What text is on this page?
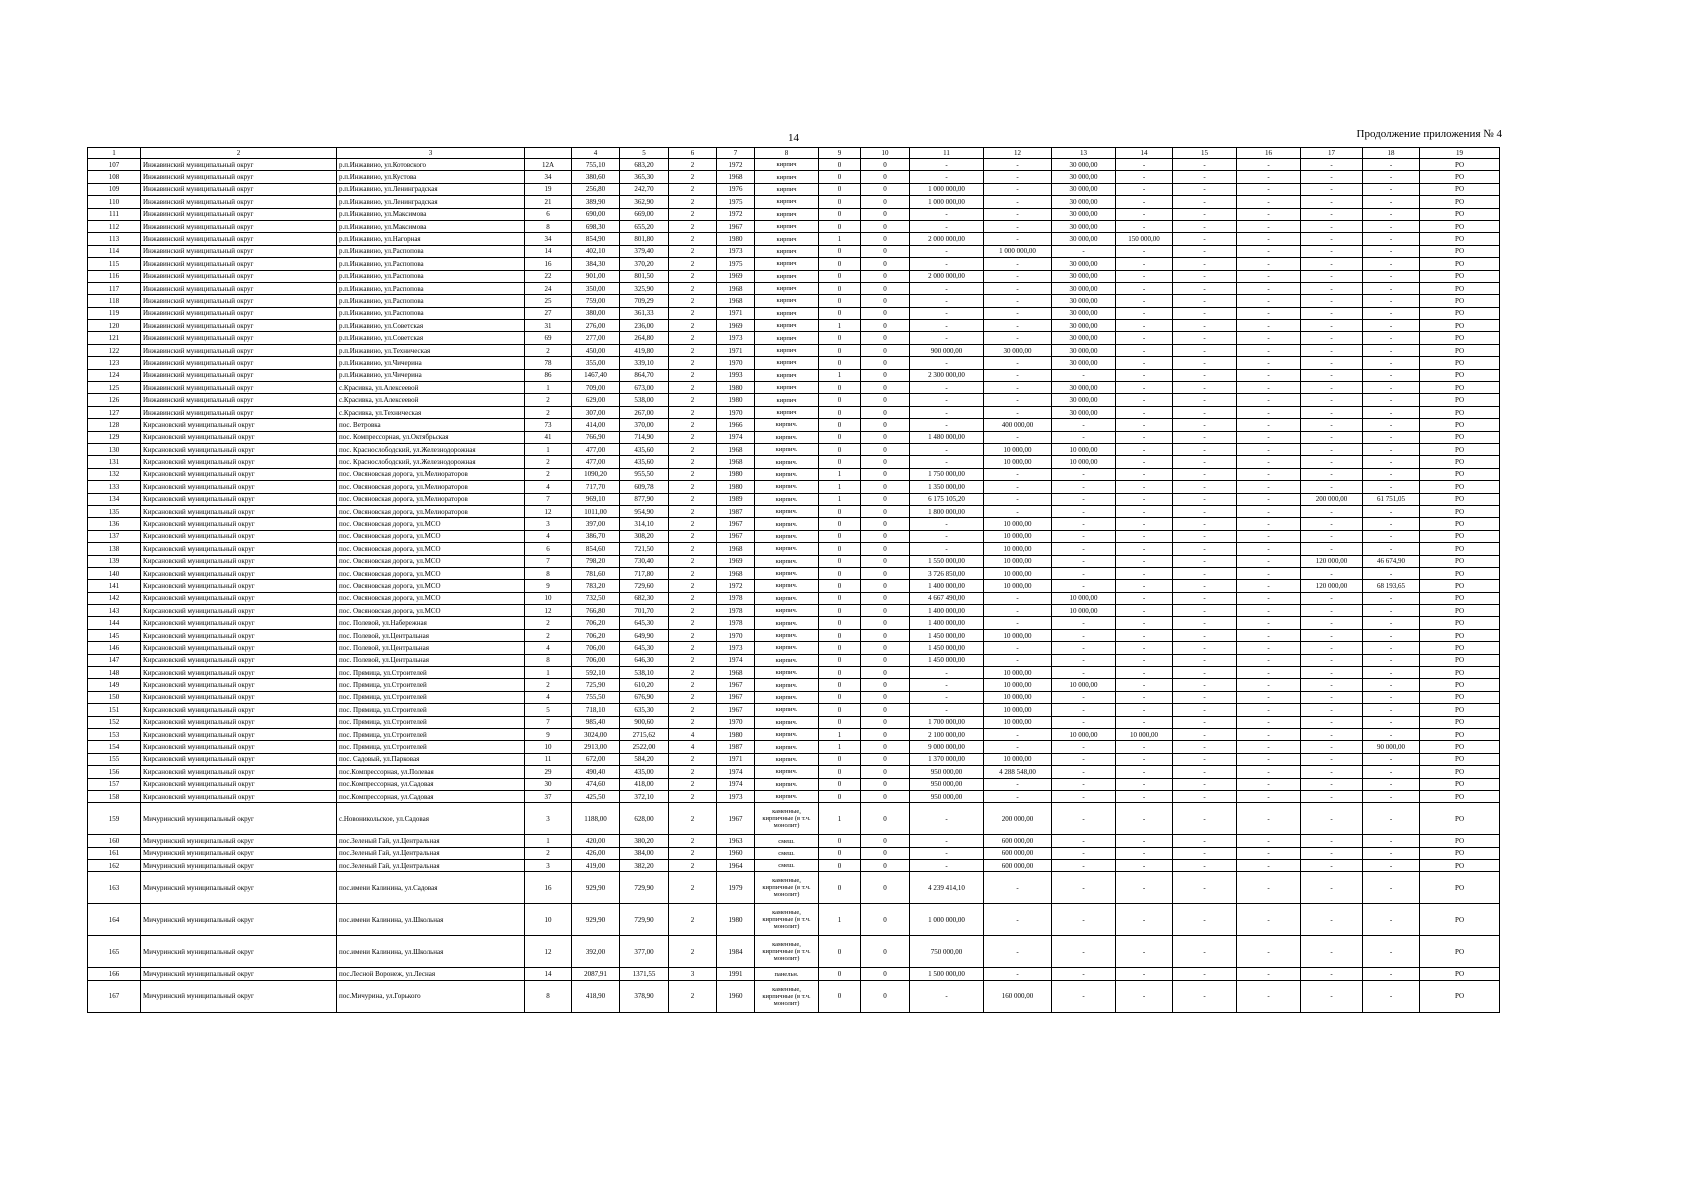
14	Продолжение приложения № 4
1	2	3		4	5	6	7	8	9	10	11	12	13	14	15	16	17	18	19
107	Инжавинский муниципальный округ	р.п.Инжавино, ул.Котовского	12А	755,10	683,20	2	1972	кирпич	0	0	-	-	30 000,00	-	-	-	-	-	РО
108	Инжавинский муниципальный округ	р.п.Инжавино, ул.Кустова	34	380,60	365,30	2	1968	кирпич	0	0	-	-	30 000,00	-	-	-	-	-	РО
109	Инжавинский муниципальный округ	р.п.Инжавино, ул.Ленинградская	19	256,80	242,70	2	1976	кирпич	0	0	1 000 000,00	-	30 000,00	-	-	-	-	-	РО
110	Инжавинский муниципальный округ	р.п.Инжавино, ул.Ленинградская	21	389,90	362,90	2	1975	кирпич	0	0	1 000 000,00	-	30 000,00	-	-	-	-	-	РО
111	Инжавинский муниципальный округ	р.п.Инжавино, ул.Максимова	6	690,00	669,00	2	1972	кирпич	0	0	-	-	30 000,00	-	-	-	-	-	РО
112	Инжавинский муниципальный округ	р.п.Инжавино, ул.Максимова	8	698,30	655,20	2	1967	кирпич	0	0	-	-	30 000,00	-	-	-	-	-	РО
113	Инжавинский муниципальный округ	р.п.Инжавино, ул.Нагорная	34	854,90	801,80	2	1980	кирпич	1	0	2 000 000,00	-	30 000,00	150 000,00	-	-	-	-	РО
114	Инжавинский муниципальный округ	р.п.Инжавино, ул.Распопова	14	402,10	379,40	2	1973	кирпич	0	0	-	1 000 000,00	-	-	-	-	-	-	РО
115	Инжавинский муниципальный округ	р.п.Инжавино, ул.Распопова	16	384,30	370,20	2	1975	кирпич	0	0	-	-	30 000,00	-	-	-	-	-	РО
116	Инжавинский муниципальный округ	р.п.Инжавино, ул.Распопова	22	901,00	801,50	2	1969	кирпич	0	0	2 000 000,00	-	30 000,00	-	-	-	-	-	РО
117	Инжавинский муниципальный округ	р.п.Инжавино, ул.Распопова	24	350,00	325,90	2	1968	кирпич	0	0	-	-	30 000,00	-	-	-	-	-	РО
118	Инжавинский муниципальный округ	р.п.Инжавино, ул.Распопова	25	759,00	709,29	2	1968	кирпич	0	0	-	-	30 000,00	-	-	-	-	-	РО
119	Инжавинский муниципальный округ	р.п.Инжавино, ул.Распопова	27	380,00	361,33	2	1971	кирпич	0	0	-	-	30 000,00	-	-	-	-	-	РО
120	Инжавинский муниципальный округ	р.п.Инжавино, ул.Советская	31	276,00	236,00	2	1969	кирпич	1	0	-	-	30 000,00	-	-	-	-	-	РО
121	Инжавинский муниципальный округ	р.п.Инжавино, ул.Советская	69	277,00	264,80	2	1973	кирпич	0	0	-	-	30 000,00	-	-	-	-	-	РО
122	Инжавинский муниципальный округ	р.п.Инжавино, ул.Техническая	2	450,00	419,80	2	1971	кирпич	0	0	900 000,00	30 000,00	30 000,00	-	-	-	-	-	РО
123	Инжавинский муниципальный округ	р.п.Инжавино, ул.Чичерина	78	355,00	339,10	2	1970	кирпич	0	0	-	-	30 000,00	-	-	-	-	-	РО
124	Инжавинский муниципальный округ	р.п.Инжавино, ул.Чичерина	86	1467,40	864,70	2	1993	кирпич	1	0	2 300 000,00	-	-	-	-	-	-	-	РО
125	Инжавинский муниципальный округ	с.Красивка, ул.Алексеевой	1	709,00	673,00	2	1980	кирпич	0	0	-	-	30 000,00	-	-	-	-	-	РО
126	Инжавинский муниципальный округ	с.Красивка, ул.Алексеевой	2	629,00	538,00	2	1980	кирпич	0	0	-	-	30 000,00	-	-	-	-	-	РО
127	Инжавинский муниципальный округ	с.Красивка, ул.Техническая	2	307,00	267,00	2	1970	кирпич	0	0	-	-	30 000,00	-	-	-	-	-	РО
128	Кирсановский муниципальный округ	пос. Ветровка	73	414,00	370,00	2	1966	кирпич.	0	0	-	400 000,00	-	-	-	-	-	-	РО
129	Кирсановский муниципальный округ	пос. Компрессорная, ул.Октябрьская	41	766,90	714,90	2	1974	кирпич.	0	0	1 480 000,00	-	-	-	-	-	-	-	РО
130	Кирсановский муниципальный округ	пос. Краснослободский, ул.Железнодорожная	1	477,00	435,60	2	1968	кирпич.	0	0	-	10 000,00	10 000,00	-	-	-	-	-	РО
131	Кирсановский муниципальный округ	пос. Краснослободский, ул.Железнодорожная	2	477,00	435,60	2	1968	кирпич.	0	0	-	10 000,00	10 000,00	-	-	-	-	-	РО
132	Кирсановский муниципальный округ	пос. Овсяновская дорога, ул.Мелиораторов	2	1090,20	955,50	2	1980	кирпич.	1	0	1 750 000,00	-	-	-	-	-	-	-	РО
133	Кирсановский муниципальный округ	пос. Овсяновская дорога, ул.Мелиораторов	4	717,70	609,78	2	1980	кирпич.	1	0	1 350 000,00	-	-	-	-	-	-	-	РО
134	Кирсановский муниципальный округ	пос. Овсяновская дорога, ул.Мелиораторов	7	969,10	877,90	2	1989	кирпич.	1	0	6 175 105,20	-	-	-	-	-	200 000,00	61 751,05	РО
135	Кирсановский муниципальный округ	пос. Овсяновская дорога, ул.Мелиораторов	12	1011,00	954,90	2	1987	кирпич.	0	0	1 800 000,00	-	-	-	-	-	-	-	РО
136	Кирсановский муниципальный округ	пос. Овсяновская дорога, ул.МСО	3	397,00	314,10	2	1967	кирпич.	0	0	-	10 000,00	-	-	-	-	-	-	РО
137	Кирсановский муниципальный округ	пос. Овсяновская дорога, ул.МСО	4	386,70	308,20	2	1967	кирпич.	0	0	-	10 000,00	-	-	-	-	-	-	РО
138	Кирсановский муниципальный округ	пос. Овсяновская дорога, ул.МСО	6	854,60	721,50	2	1968	кирпич.	0	0	-	10 000,00	-	-	-	-	-	-	РО
139	Кирсановский муниципальный округ	пос. Овсяновская дорога, ул.МСО	7	798,20	730,40	2	1969	кирпич.	0	0	1 550 000,00	10 000,00	-	-	-	-	120 000,00	46 674,90	РО
140	Кирсановский муниципальный округ	пос. Овсяновская дорога, ул.МСО	8	781,60	717,80	2	1968	кирпич.	0	0	3 726 850,00	10 000,00	-	-	-	-	-	-	РО
141	Кирсановский муниципальный округ	пос. Овсяновская дорога, ул.МСО	9	783,20	729,60	2	1972	кирпич.	0	0	1 400 000,00	10 000,00	-	-	-	-	120 000,00	68 193,65	РО
142	Кирсановский муниципальный округ	пос. Овсяновская дорога, ул.МСО	10	732,50	682,30	2	1978	кирпич.	0	0	4 667 490,00	-	10 000,00	-	-	-	-	-	РО
143	Кирсановский муниципальный округ	пос. Овсяновская дорога, ул.МСО	12	766,80	701,70	2	1978	кирпич.	0	0	1 400 000,00	-	10 000,00	-	-	-	-	-	РО
144	Кирсановский муниципальный округ	пос. Полевой, ул.Набережная	2	706,20	645,30	2	1978	кирпич.	0	0	1 400 000,00	-	-	-	-	-	-	-	РО
145	Кирсановский муниципальный округ	пос. Полевой, ул.Центральная	2	706,20	649,90	2	1970	кирпич.	0	0	1 450 000,00	10 000,00	-	-	-	-	-	-	РО
146	Кирсановский муниципальный округ	пос. Полевой, ул.Центральная	4	706,00	645,30	2	1973	кирпич.	0	0	1 450 000,00	-	-	-	-	-	-	-	РО
147	Кирсановский муниципальный округ	пос. Полевой, ул.Центральная	8	706,00	646,30	2	1974	кирпич.	0	0	1 450 000,00	-	-	-	-	-	-	-	РО
148	Кирсановский муниципальный округ	пос. Прямица, ул.Строителей	1	592,10	538,10	2	1968	кирпич.	0	0	-	10 000,00	-	-	-	-	-	-	РО
149	Кирсановский муниципальный округ	пос. Прямица, ул.Строителей	2	725,90	610,20	2	1967	кирпич.	0	0	-	10 000,00	10 000,00	-	-	-	-	-	РО
150	Кирсановский муниципальный округ	пос. Прямица, ул.Строителей	4	755,50	676,90	2	1967	кирпич.	0	0	-	10 000,00	-	-	-	-	-	-	РО
151	Кирсановский муниципальный округ	пос. Прямица, ул.Строителей	5	718,10	635,30	2	1967	кирпич.	0	0	-	10 000,00	-	-	-	-	-	-	РО
152	Кирсановский муниципальный округ	пос. Прямица, ул.Строителей	7	985,40	900,60	2	1970	кирпич.	0	0	1 700 000,00	10 000,00	-	-	-	-	-	-	РО
153	Кирсановский муниципальный округ	пос. Прямица, ул.Строителей	9	3024,00	2715,62	4	1980	кирпич.	1	0	2 100 000,00	-	10 000,00	10 000,00	-	-	-	-	РО
154	Кирсановский муниципальный округ	пос. Прямица, ул.Строителей	10	2913,00	2522,00	4	1987	кирпич.	1	0	9 000 000,00	-	-	-	-	-	-	90 000,00	РО
155	Кирсановский муниципальный округ	пос. Садовый, ул.Парковая	11	672,00	584,20	2	1971	кирпич.	0	0	1 370 000,00	10 000,00	-	-	-	-	-	-	РО
156	Кирсановский муниципальный округ	пос.Компрессорная, ул.Полевая	29	490,40	435,00	2	1974	кирпич.	0	0	950 000,00	4 288 548,00	-	-	-	-	-	-	РО
157	Кирсановский муниципальный округ	пос.Компрессорная, ул.Садовая	30	474,60	418,00	2	1974	кирпич.	0	0	950 000,00	-	-	-	-	-	-	-	РО
158	Кирсановский муниципальный округ	пос.Компрессорная, ул.Садовая	37	425,50	372,10	2	1973	кирпич.	0	0	950 000,00	-	-	-	-	-	-	-	РО
159	Мичуринский муниципальный округ	с.Новоникольское, ул.Садовая	3	1188,00	628,00	2	1967	каменные, кирпичные (в т.ч. монолит)	1	0	-	200 000,00	-	-	-	-	-	-	РО
160	Мичуринский муниципальный округ	пос.Зеленый Гай, ул.Центральная	1	420,00	380,20	2	1963	смеш.	0	0	-	600 000,00	-	-	-	-	-	-	РО
161	Мичуринский муниципальный округ	пос.Зеленый Гай, ул.Центральная	2	426,00	384,00	2	1960	смеш.	0	0	-	600 000,00	-	-	-	-	-	-	РО
162	Мичуринский муниципальный округ	пос.Зеленый Гай, ул.Центральная	3	419,00	382,20	2	1964	смеш.	0	0	-	600 000,00	-	-	-	-	-	-	РО
163	Мичуринский муниципальный округ	пос.имени Калинина, ул.Садовая	16	929,90	729,90	2	1979	каменные, кирпичные (в т.ч. монолит)	0	0	4 239 414,10	-	-	-	-	-	-	-	РО
164	Мичуринский муниципальный округ	пос.имени Калинина, ул.Школьная	10	929,90	729,90	2	1980	каменные, кирпичные (в т.ч. монолит)	1	0	1 000 000,00	-	-	-	-	-	-	-	РО
165	Мичуринский муниципальный округ	пос.имени Калинина, ул.Школьная	12	392,00	377,00	2	1984	каменные, кирпичные (в т.ч. монолит)	0	0	750 000,00	-	-	-	-	-	-	-	РО
166	Мичуринский муниципальный округ	пос.Лесной Воронеж, ул.Лесная	14	2087,91	1371,55	3	1991	панельн.	0	0	1 500 000,00	-	-	-	-	-	-	-	РО
167	Мичуринский муниципальный округ	пос.Мичурина, ул.Горького	8	418,90	378,90	2	1960	каменные, кирпичные (в т.ч. монолит)	0	0	-	160 000,00	-	-	-	-	-	-	РО
